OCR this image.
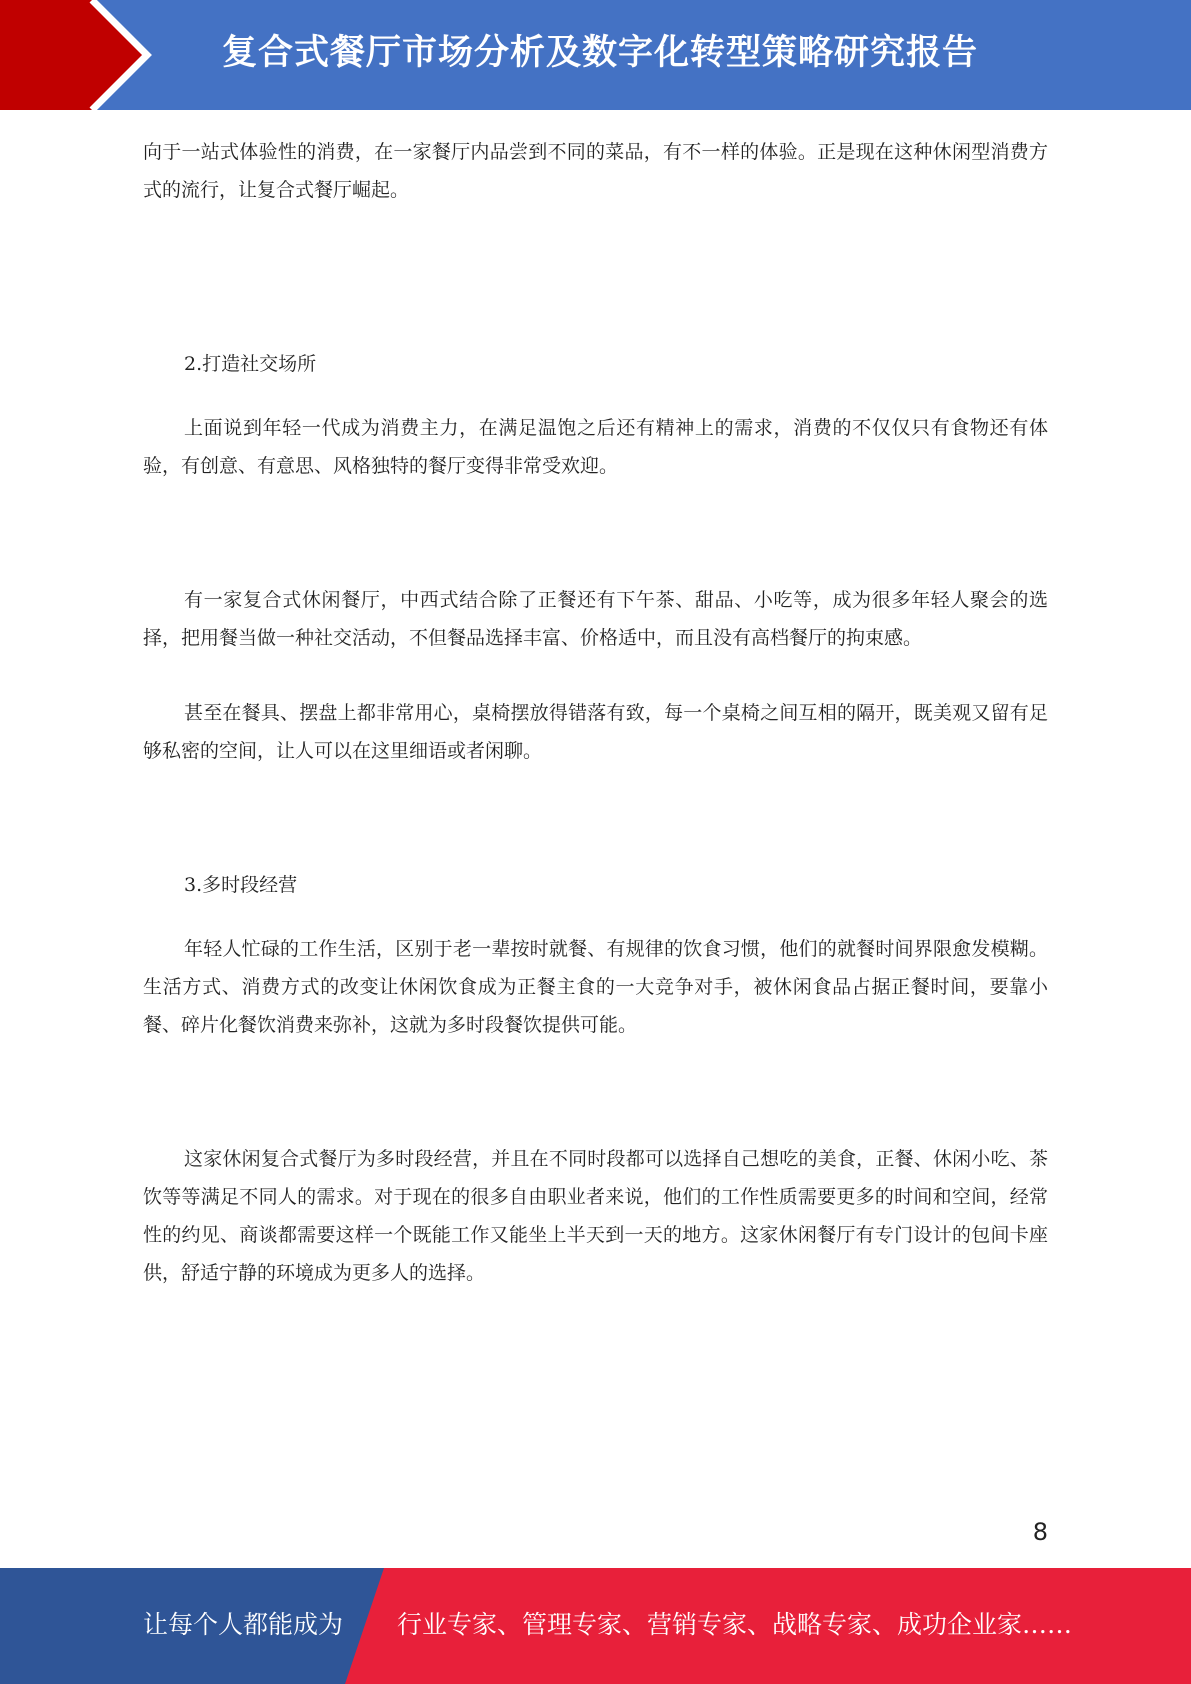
复合式餐厅市场分析及数字化转型策略研究报告

向于一站式体验性的消费，在一家餐厅内品尝到不同的菜品，有不一样的体验。正是现在这种休闲型消费方式的流行，让复合式餐厅崛起。

2.打造社交场所

上面说到年轻一代成为消费主力，在满足温饱之后还有精神上的需求，消费的不仅仅只有食物还有体验，有创意、有意思、风格独特的餐厅变得非常受欢迎。

有一家复合式休闲餐厅，中西式结合除了正餐还有下午茶、甜品、小吃等，成为很多年轻人聚会的选择，把用餐当做一种社交活动，不但餐品选择丰富、价格适中，而且没有高档餐厅的拘束感。

甚至在餐具、摆盘上都非常用心，桌椅摆放得错落有致，每一个桌椅之间互相的隔开，既美观又留有足够私密的空间，让人可以在这里细语或者闲聊。

3.多时段经营

年轻人忙碌的工作生活，区别于老一辈按时就餐、有规律的饮食习惯，他们的就餐时间界限愈发模糊。生活方式、消费方式的改变让休闲饮食成为正餐主食的一大竞争对手，被休闲食品占据正餐时间，要靠小餐、碎片化餐饮消费来弥补，这就为多时段餐饮提供可能。

这家休闲复合式餐厅为多时段经营，并且在不同时段都可以选择自己想吃的美食，正餐、休闲小吃、茶饮等等满足不同人的需求。对于现在的很多自由职业者来说，他们的工作性质需要更多的时间和空间，经常性的约见、商谈都需要这样一个既能工作又能坐上半天到一天的地方。这家休闲餐厅有专门设计的包间卡座供，舒适宁静的环境成为更多人的选择。

8
让每个人都能成为 行业专家、管理专家、营销专家、战略专家、成功企业家……
